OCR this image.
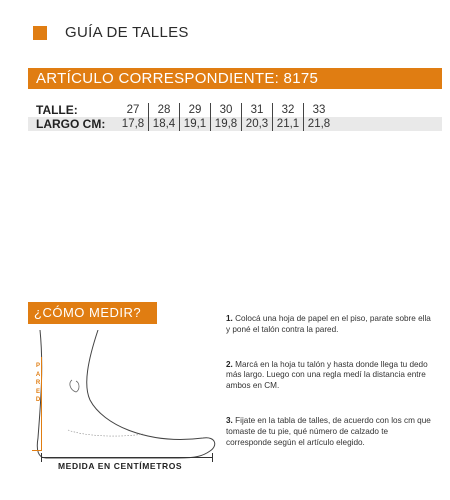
GUÍA DE TALLES
ARTÍCULO CORRESPONDIENTE: 8175
TALLE:	27	28	29	30	31	32	33	
LARGO CM:	17,8	18,4	19,1	19,8	20,3	21,1	21,8	
¿CÓMO MEDIR?
P
A
R
E
D
MEDIDA EN CENTÍMETROS
1. Colocá una hoja de papel en el piso, parate sobre ella y poné el talón contra la pared.
2. Marcá en la hoja tu talón y hasta donde llega tu dedo más largo. Luego con una regla medí la distancia entre ambos en CM.
3. Fijate en la tabla de talles, de acuerdo con los cm que tomaste de tu pie, qué número de calzado te corresponde según el artículo elegido.
